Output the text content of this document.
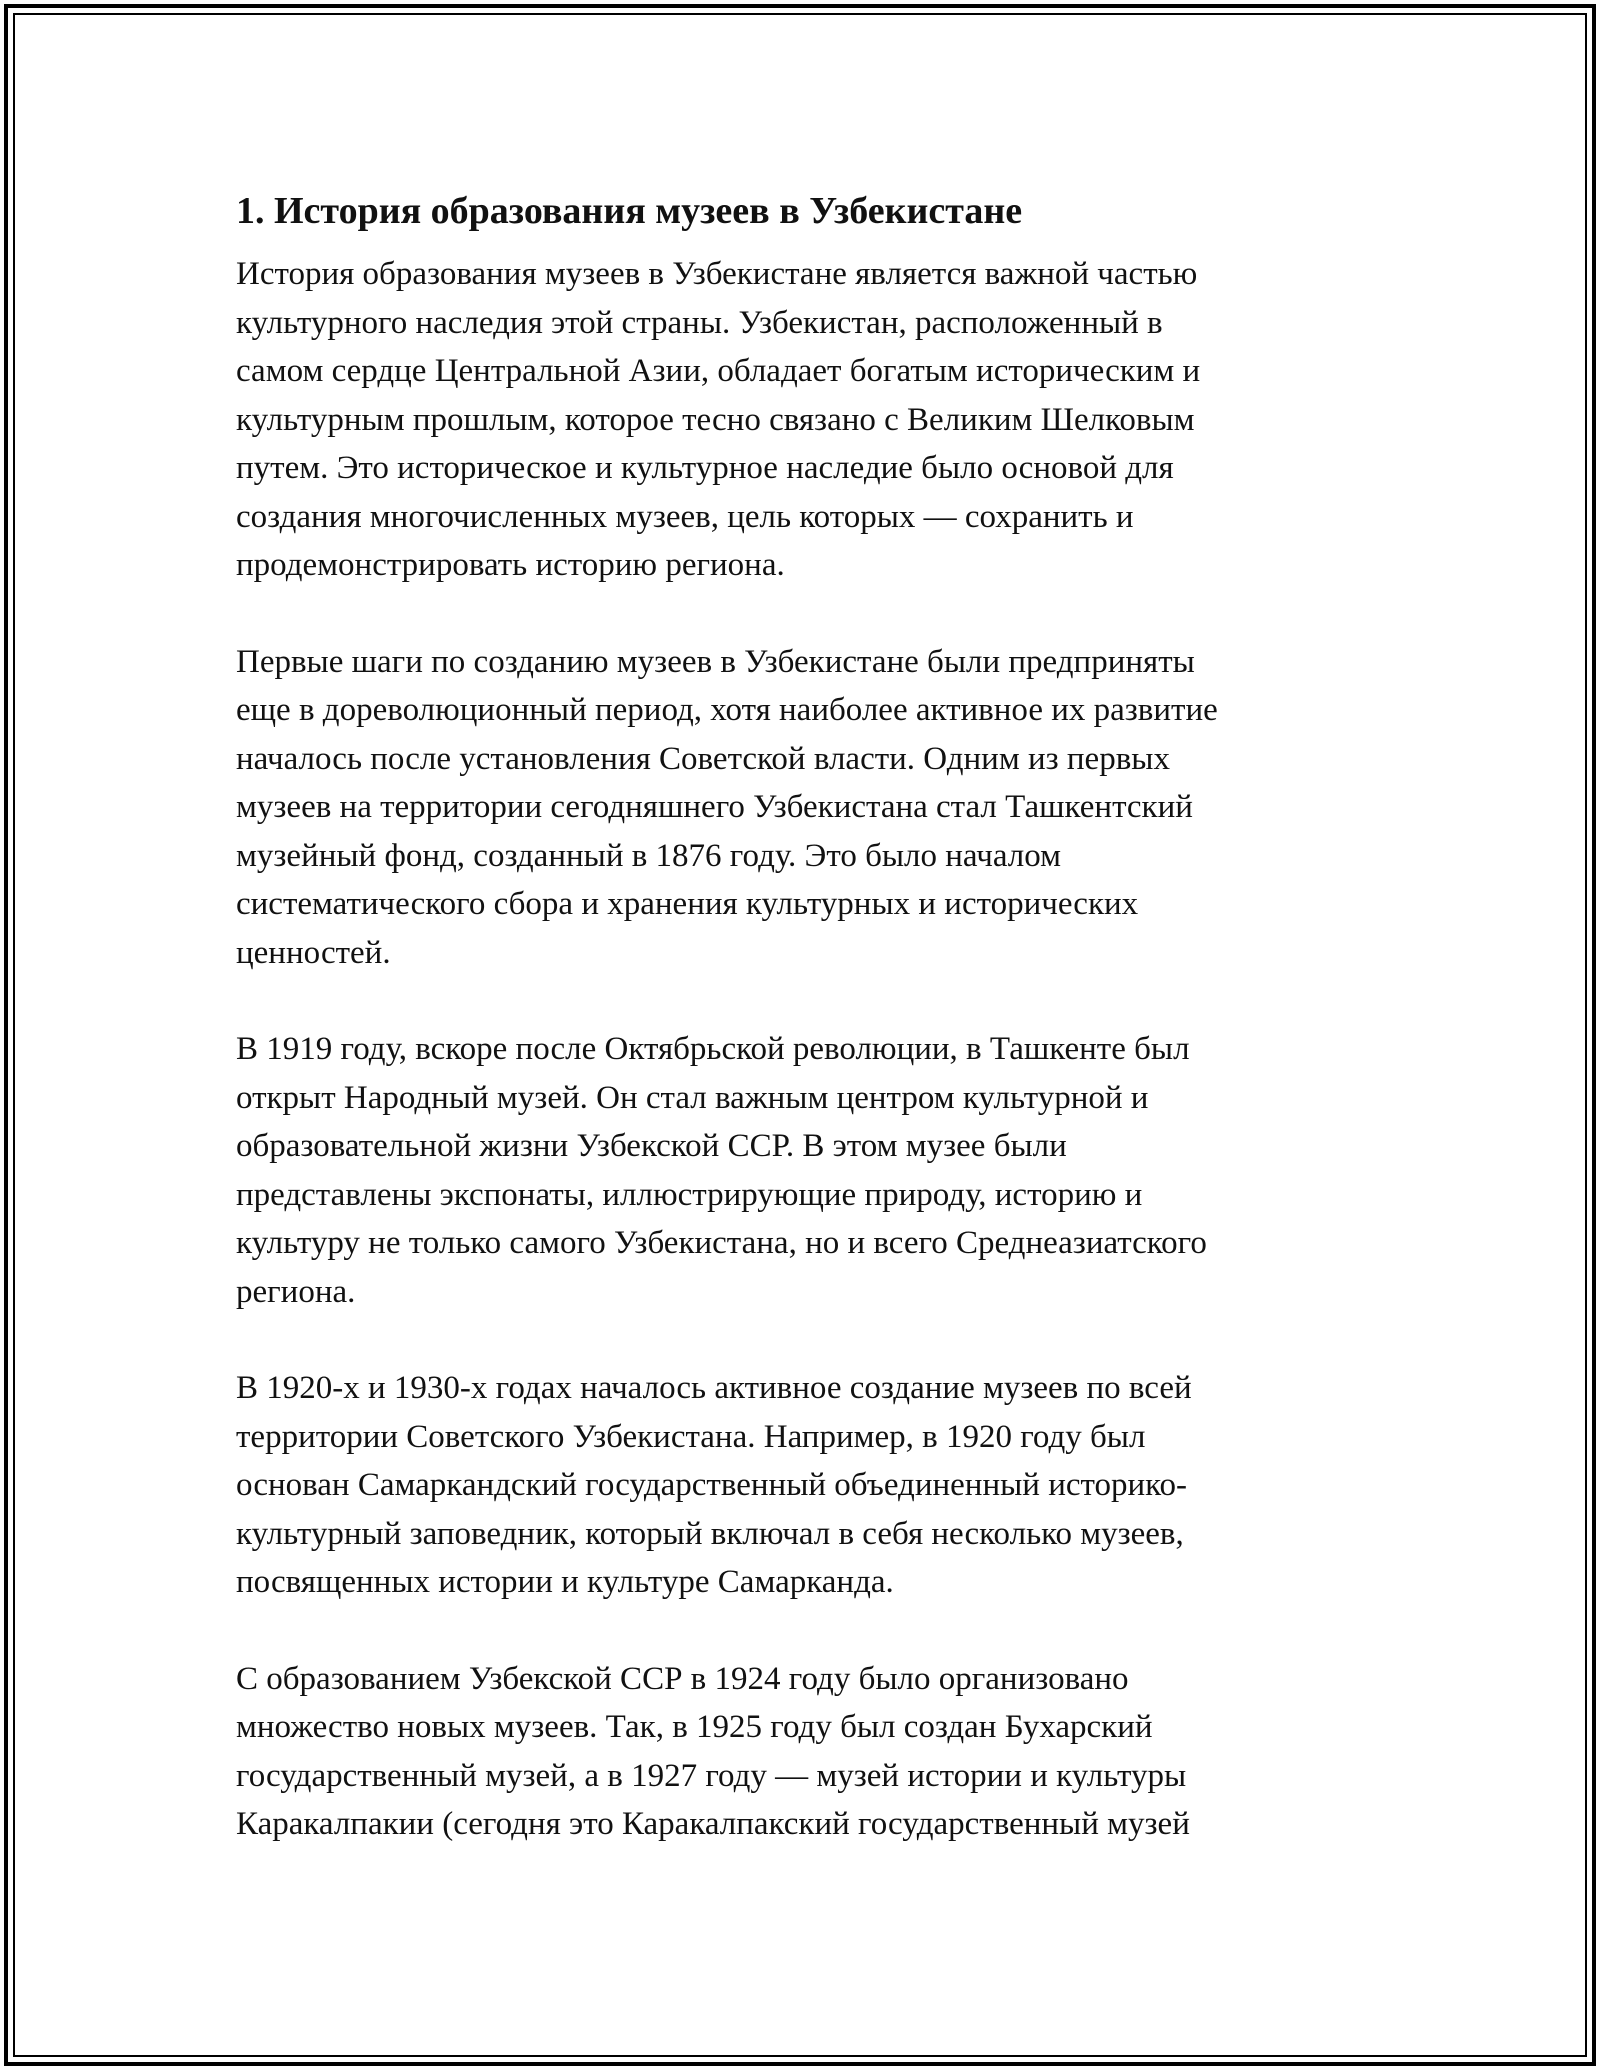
1. История образования музеев в Узбекистане

История образования музеев в Узбекистане является важной частью
культурного наследия этой страны. Узбекистан, расположенный в
самом сердце Центральной Азии, обладает богатым историческим и
культурным прошлым, которое тесно связано с Великим Шелковым
путем. Это историческое и культурное наследие было основой для
создания многочисленных музеев, цель которых — сохранить и
продемонстрировать историю региона.

Первые шаги по созданию музеев в Узбекистане были предприняты
еще в дореволюционный период, хотя наиболее активное их развитие
началось после установления Советской власти. Одним из первых
музеев на территории сегодняшнего Узбекистана стал Ташкентский
музейный фонд, созданный в 1876 году. Это было началом
систематического сбора и хранения культурных и исторических
ценностей.

В 1919 году, вскоре после Октябрьской революции, в Ташкенте был
открыт Народный музей. Он стал важным центром культурной и
образовательной жизни Узбекской ССР. В этом музее были
представлены экспонаты, иллюстрирующие природу, историю и
культуру не только самого Узбекистана, но и всего Среднеазиатского
региона.

В 1920-х и 1930-х годах началось активное создание музеев по всей
территории Советского Узбекистана. Например, в 1920 году был
основан Самаркандский государственный объединенный историко-
культурный заповедник, который включал в себя несколько музеев,
посвященных истории и культуре Самарканда.

С образованием Узбекской ССР в 1924 году было организовано
множество новых музеев. Так, в 1925 году был создан Бухарский
государственный музей, а в 1927 году — музей истории и культуры
Каракалпакии (сегодня это Каракалпакский государственный музей
